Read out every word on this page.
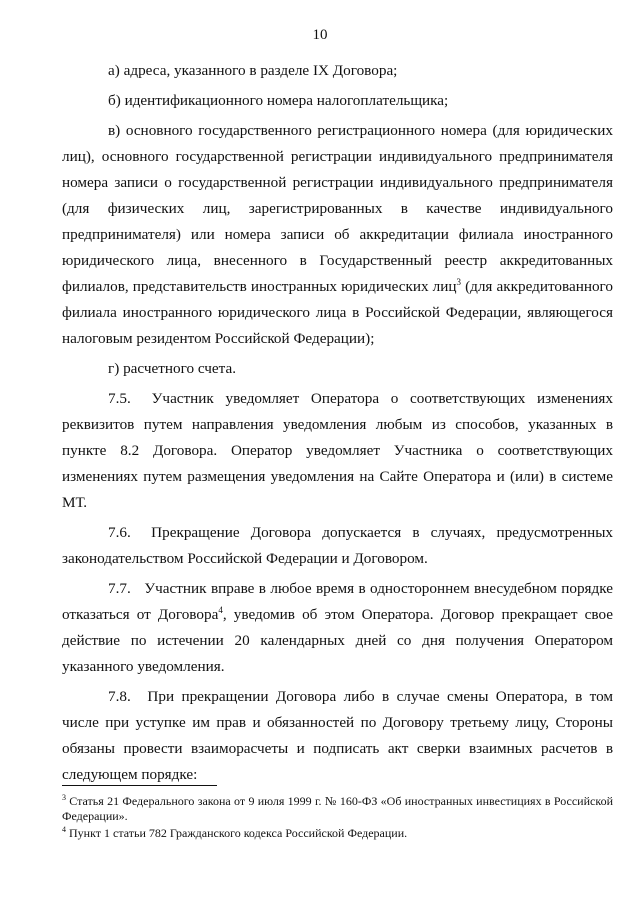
10

а) адреса, указанного в разделе IX Договора;

б) идентификационного номера налогоплательщика;

в) основного государственного регистрационного номера (для юридических лиц), основного государственной регистрации индивидуального предпринимателя номера записи о государственной регистрации индивидуального предпринимателя (для физических лиц, зарегистрированных в качестве индивидуального предпринимателя) или номера записи об аккредитации филиала иностранного юридического лица, внесенного в Государственный реестр аккредитованных филиалов, представительств иностранных юридических лиц$^3$ (для аккредитованного филиала иностранного юридического лица в Российской Федерации, являющегося налоговым резидентом Российской Федерации);

г) расчетного счета.

7.5. Участник уведомляет Оператора о соответствующих изменениях реквизитов путем направления уведомления любым из способов, указанных в пункте 8.2 Договора. Оператор уведомляет Участника о соответствующих изменениях путем размещения уведомления на Сайте Оператора и (или) в системе МТ.

7.6. Прекращение Договора допускается в случаях, предусмотренных законодательством Российской Федерации и Договором.

7.7. Участник вправе в любое время в одностороннем внесудебном порядке отказаться от Договора$^4$, уведомив об этом Оператора. Договор прекращает свое действие по истечении 20 календарных дней со дня получения Оператором указанного уведомления.

7.8. При прекращении Договора либо в случае смены Оператора, в том числе при уступке им прав и обязанностей по Договору третьему лицу, Стороны обязаны провести взаиморасчеты и подписать акт сверки взаимных расчетов в следующем порядке:

$^3$ Статья 21 Федерального закона от 9 июля 1999 г. № 160-ФЗ «Об иностранных инвестициях в Российской Федерации».

$^4$ Пункт 1 статьи 782 Гражданского кодекса Российской Федерации.
